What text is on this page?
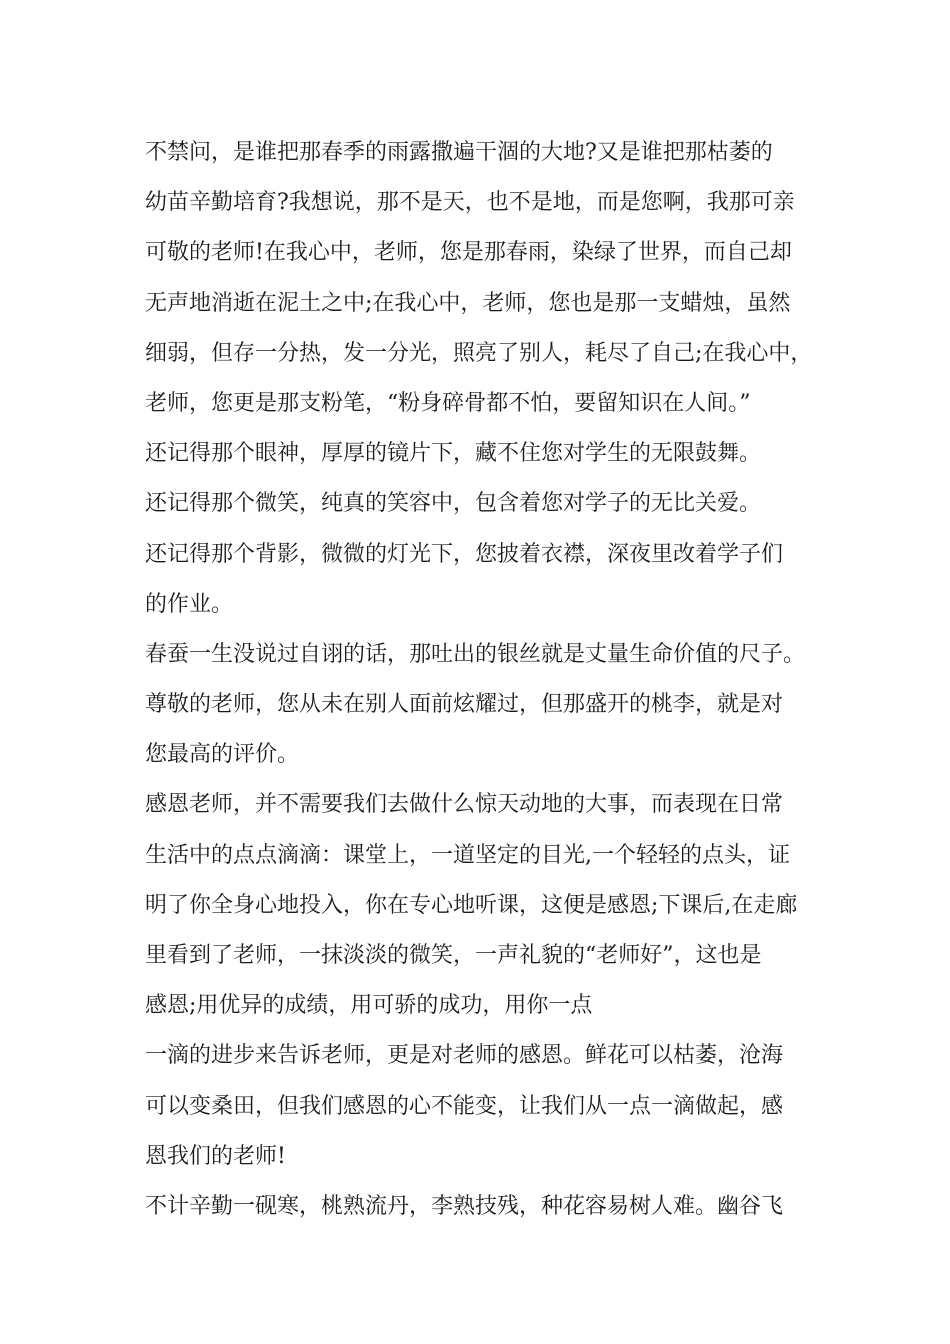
不禁问，是谁把那春季的雨露撒遍干涸的大地?又是谁把那枯萎的
幼苗辛勤培育?我想说，那不是天，也不是地，而是您啊，我那可亲
可敬的老师!在我心中，老师，您是那春雨，染绿了世界，而自己却
无声地消逝在泥土之中;在我心中，老师，您也是那一支蜡烛，虽然
细弱，但存一分热，发一分光，照亮了别人，耗尽了自己;在我心中，
老师，您更是那支粉笔，“粉身碎骨都不怕，要留知识在人间。”
还记得那个眼神，厚厚的镜片下，藏不住您对学生的无限鼓舞。
还记得那个微笑，纯真的笑容中，包含着您对学子的无比关爱。
还记得那个背影，微微的灯光下，您披着衣襟，深夜里改着学子们
的作业。
春蚕一生没说过自诩的话，那吐出的银丝就是丈量生命价值的尺子。
尊敬的老师，您从未在别人面前炫耀过，但那盛开的桃李，就是对
您最高的评价。
感恩老师，并不需要我们去做什么惊天动地的大事，而表现在日常
生活中的点点滴滴：课堂上，一道坚定的目光,一个轻轻的点头，证
明了你全身心地投入，你在专心地听课，这便是感恩;下课后,在走廊
里看到了老师，一抹淡淡的微笑，一声礼貌的“老师好”，这也是
感恩;用优异的成绩，用可骄的成功，用你一点
一滴的进步来告诉老师，更是对老师的感恩。鲜花可以枯萎，沧海
可以变桑田，但我们感恩的心不能变，让我们从一点一滴做起，感
恩我们的老师!
不计辛勤一砚寒，桃熟流丹，李熟技残，种花容易树人难。幽谷飞
